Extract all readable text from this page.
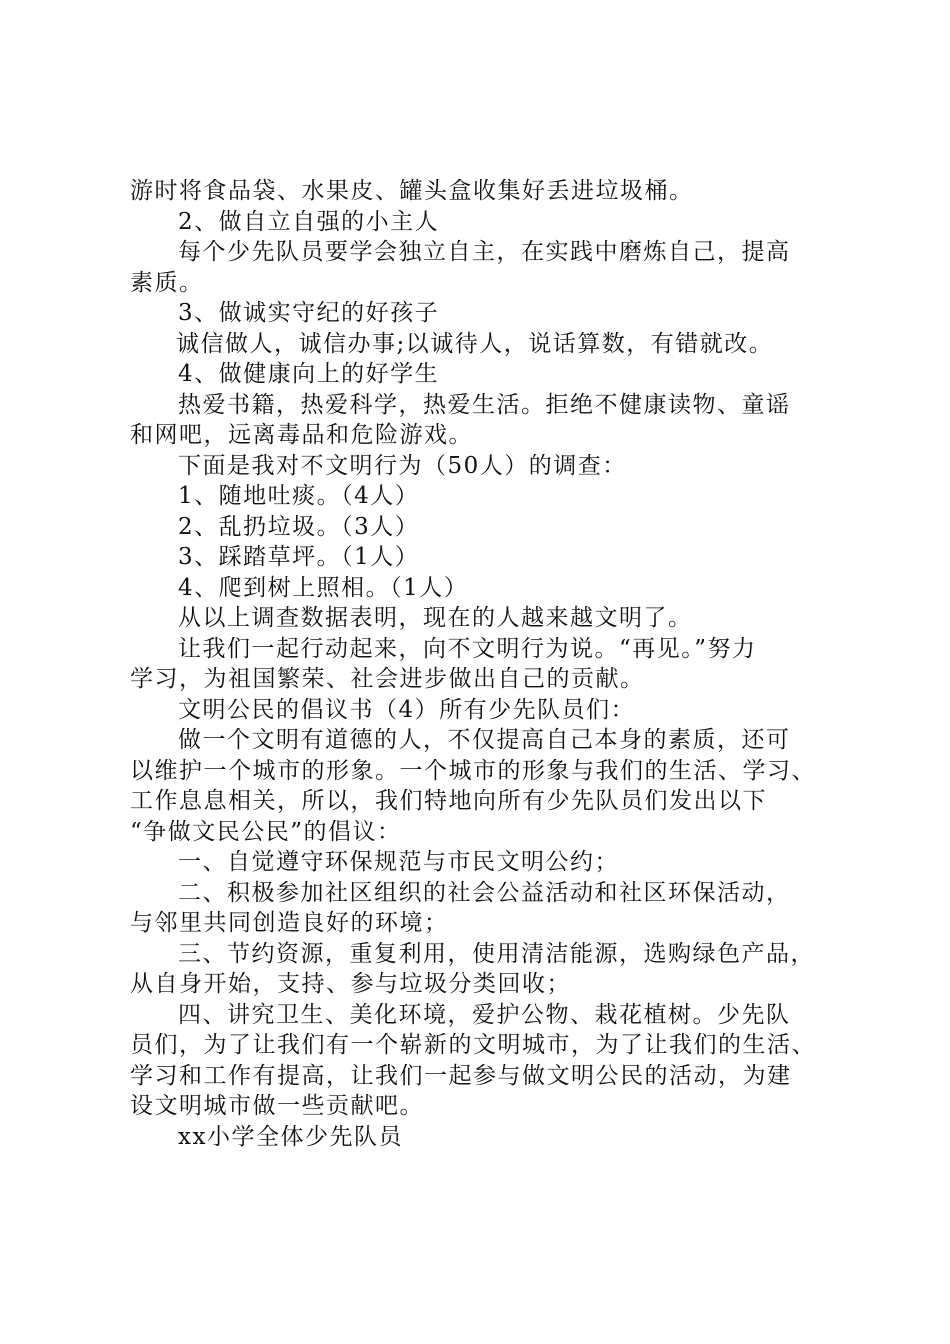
游时将食品袋、水果皮、罐头盒收集好丢进垃圾桶。
2、做自立自强的小主人
每个少先队员要学会独立自主，在实践中磨炼自己，提高
素质。
3、做诚实守纪的好孩子
诚信做人，诚信办事;以诚待人，说话算数，有错就改。
4、做健康向上的好学生
热爱书籍，热爱科学，热爱生活。拒绝不健康读物、童谣
和网吧，远离毒品和危险游戏。
下面是我对不文明行为（50人）的调查：
1、随地吐痰。（4人）
2、乱扔垃圾。（3人）
3、踩踏草坪。（1人）
4、爬到树上照相。（1人）
从以上调查数据表明，现在的人越来越文明了。
让我们一起行动起来，向不文明行为说。“再见。”努力
学习，为祖国繁荣、社会进步做出自己的贡献。
文明公民的倡议书（4）所有少先队员们：
做一个文明有道德的人，不仅提高自己本身的素质，还可
以维护一个城市的形象。一个城市的形象与我们的生活、学习、
工作息息相关，所以，我们特地向所有少先队员们发出以下
“争做文民公民”的倡议：
一、自觉遵守环保规范与市民文明公约；
二、积极参加社区组织的社会公益活动和社区环保活动，
与邻里共同创造良好的环境；
三、节约资源，重复利用，使用清洁能源，选购绿色产品，
从自身开始，支持、参与垃圾分类回收；
四、讲究卫生、美化环境，爱护公物、栽花植树。少先队
员们，为了让我们有一个崭新的文明城市，为了让我们的生活、
学习和工作有提高，让我们一起参与做文明公民的活动，为建
设文明城市做一些贡献吧。
xx小学全体少先队员
